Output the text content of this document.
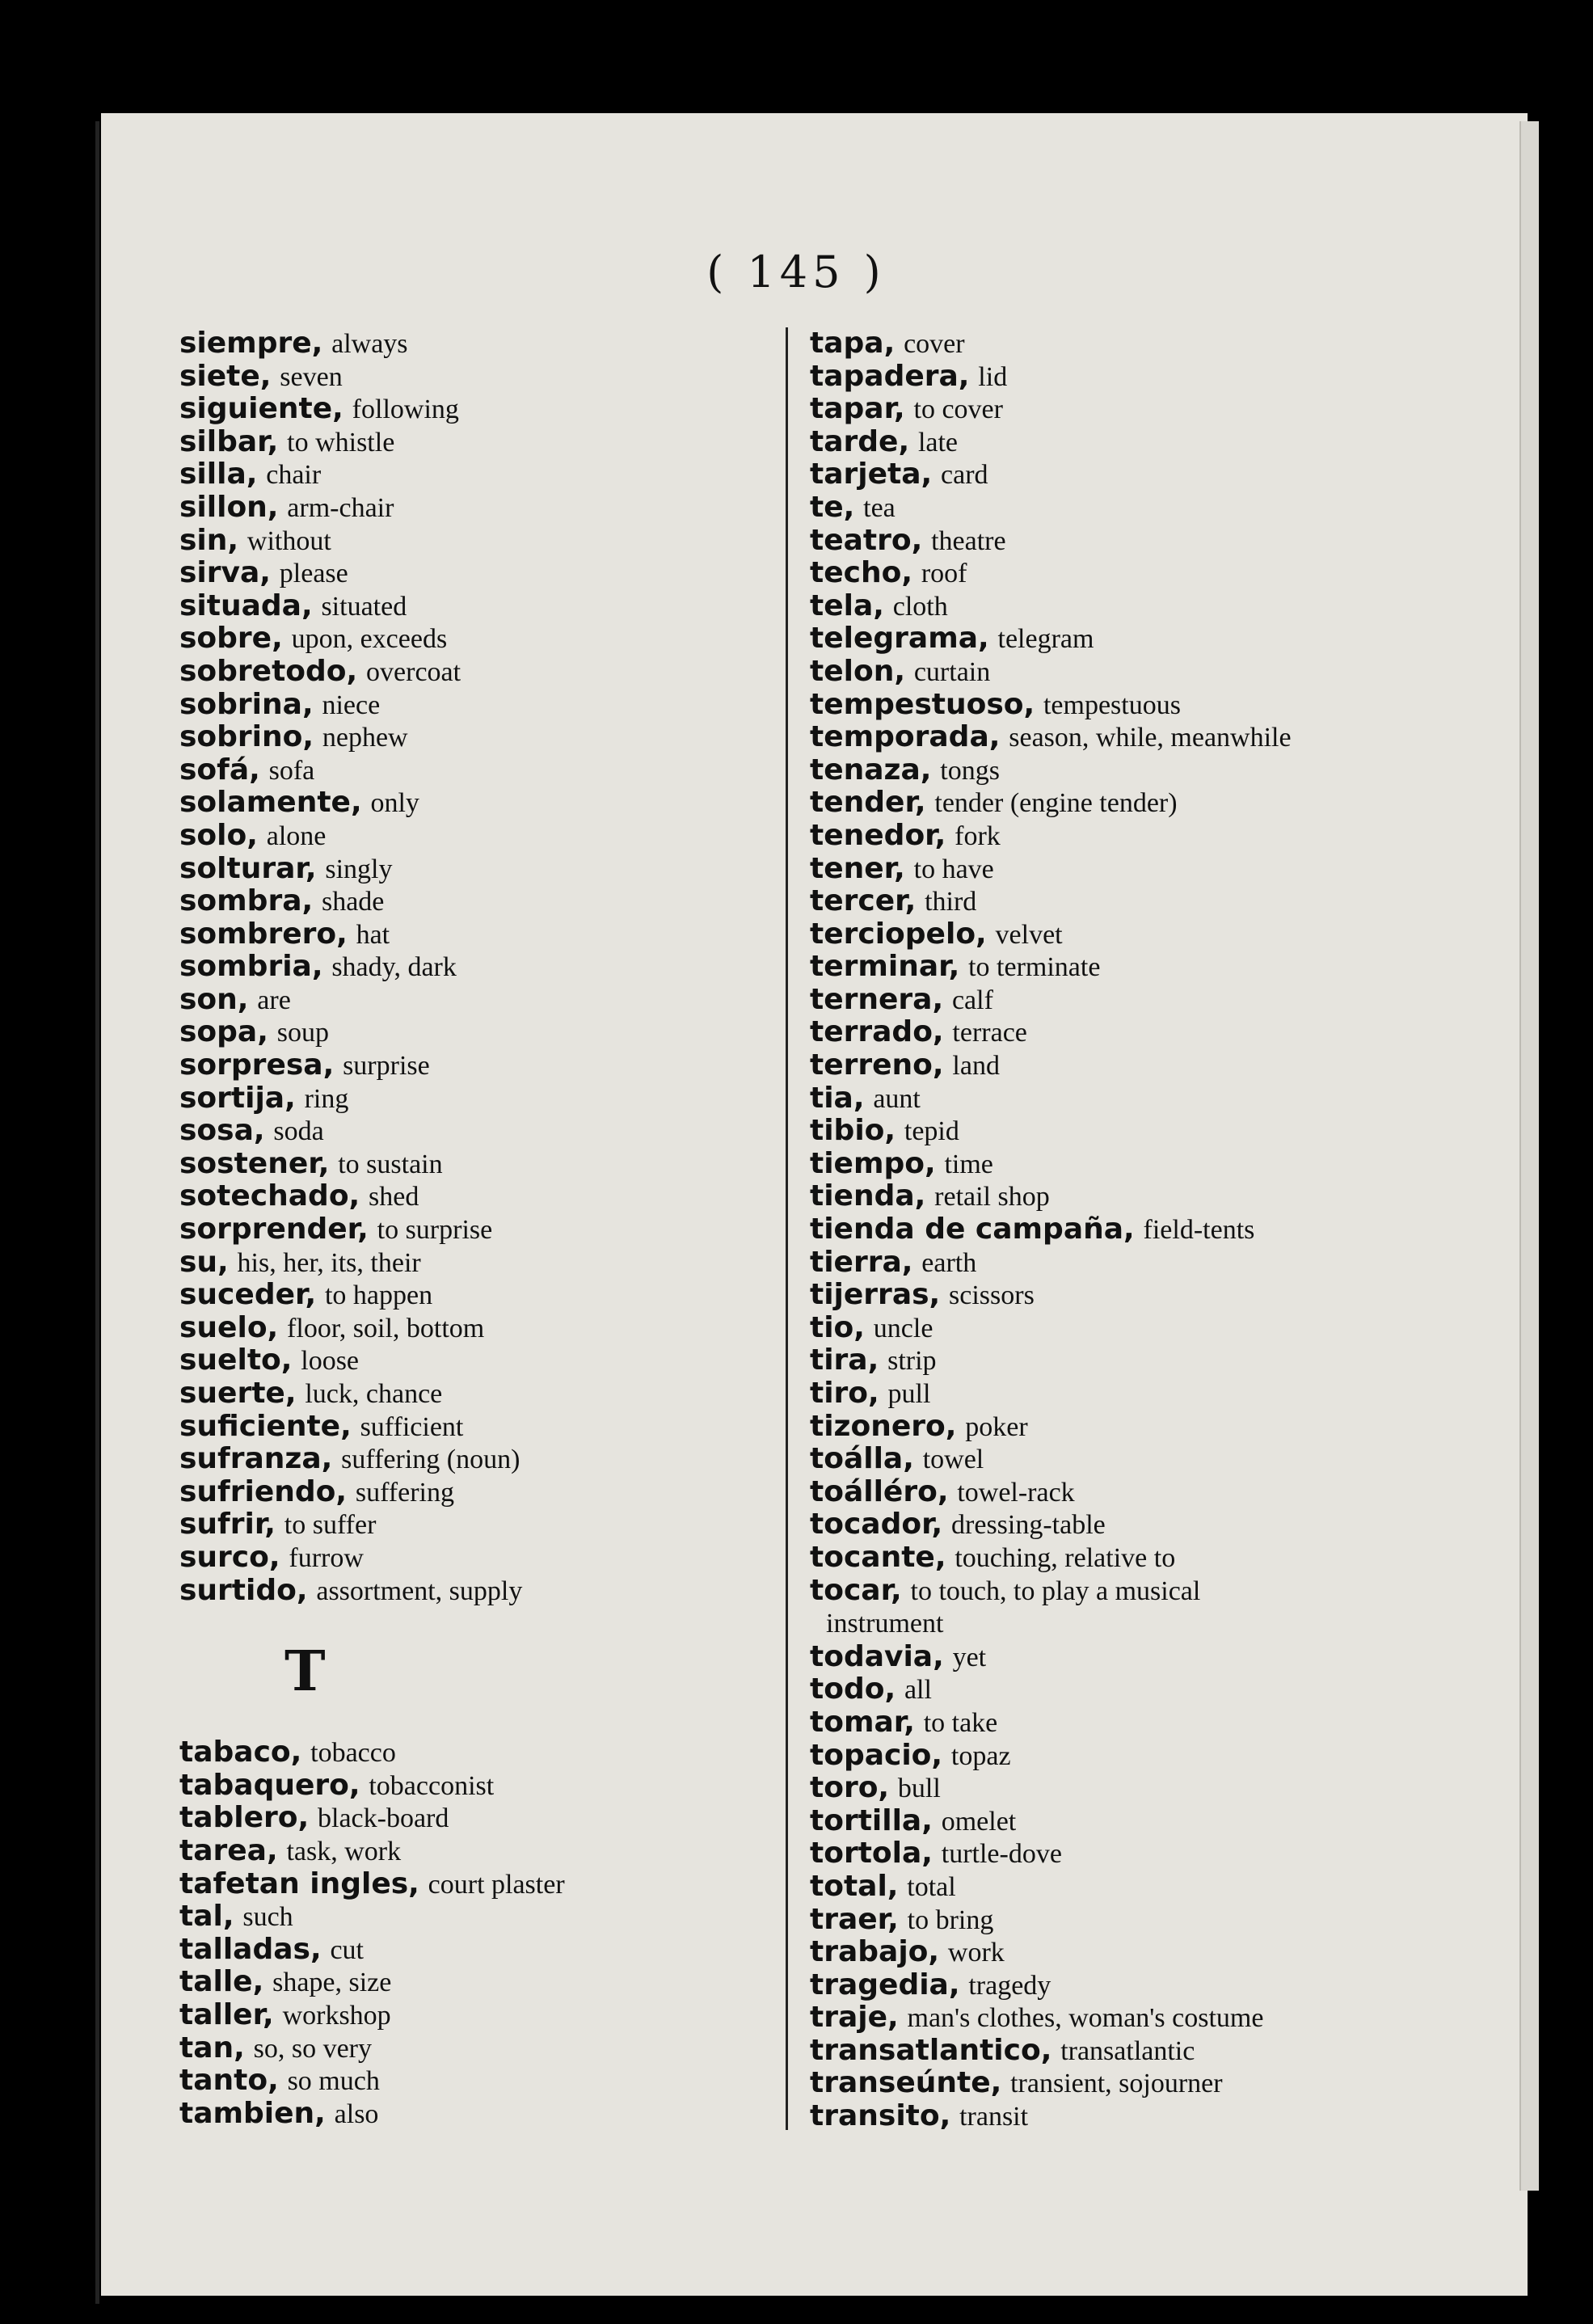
( 145 )
siempre, always
siete, seven
siguiente, following
silbar, to whistle
silla, chair
sillon, arm-chair
sin, without
sirva, please
situada, situated
sobre, upon, exceeds
sobretodo, overcoat
sobrina, niece
sobrino, nephew
sofá, sofa
solamente, only
solo, alone
solturar, singly
sombra, shade
sombrero, hat
sombria, shady, dark
son, are
sopa, soup
sorpresa, surprise
sortija, ring
sosa, soda
sostener, to sustain
sotechado, shed
sorprender, to surprise
su, his, her, its, their
suceder, to happen
suelo, floor, soil, bottom
suelto, loose
suerte, luck, chance
suficiente, sufficient
sufranza, suffering (noun)
sufriendo, suffering
sufrir, to suffer
surco, furrow
surtido, assortment, supply
T
tabaco, tobacco
tabaquero, tobacconist
tablero, black-board
tarea, task, work
tafetan ingles, court plaster
tal, such
talladas, cut
talle, shape, size
taller, workshop
tan, so, so very
tanto, so much
tambien, also
tapa, cover
tapadera, lid
tapar, to cover
tarde, late
tarjeta, card
te, tea
teatro, theatre
techo, roof
tela, cloth
telegrama, telegram
telon, curtain
tempestuoso, tempestuous
temporada, season, while, meanwhile
tenaza, tongs
tender, tender (engine tender)
tenedor, fork
tener, to have
tercer, third
terciopelo, velvet
terminar, to terminate
ternera, calf
terrado, terrace
terreno, land
tia, aunt
tibio, tepid
tiempo, time
tienda, retail shop
tienda de campaña, field-tents
tierra, earth
tijerras, scissors
tio, uncle
tira, strip
tiro, pull
tizonero, poker
toálla, towel
toálléro, towel-rack
tocador, dressing-table
tocante, touching, relative to
tocar, to touch, to play a musical
instrument
todavia, yet
todo, all
tomar, to take
topacio, topaz
toro, bull
tortilla, omelet
tortola, turtle-dove
total, total
traer, to bring
trabajo, work
tragedia, tragedy
traje, man's clothes, woman's costume
transatlantico, transatlantic
transeúnte, transient, sojourner
transito, transit
